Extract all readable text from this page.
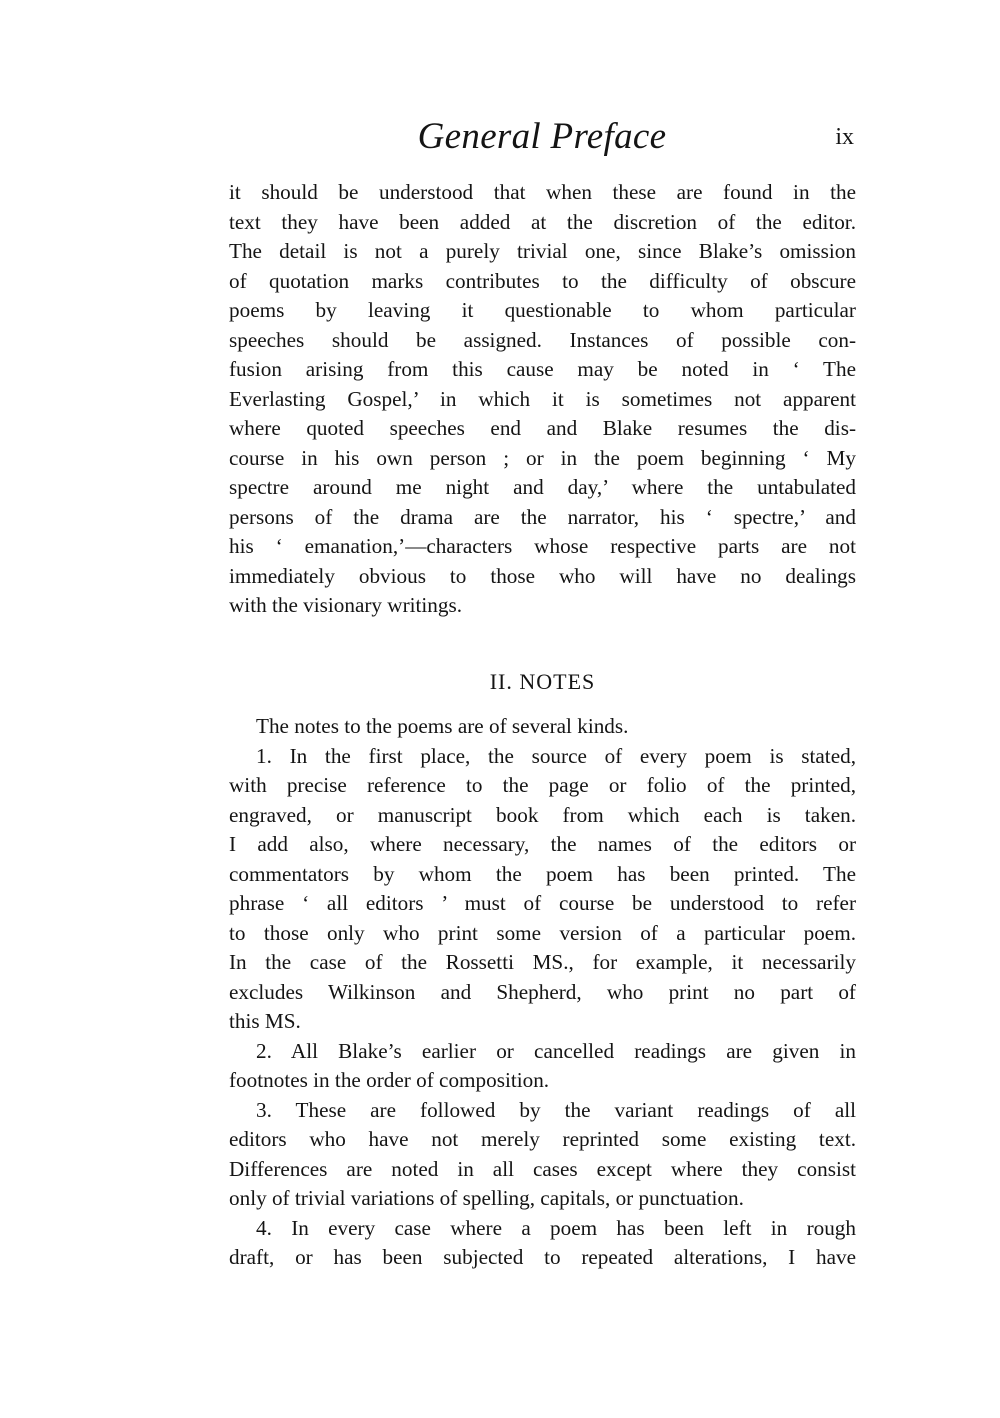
General Preface	ix

it should be understood that when these are found in the
text they have been added at the discretion of the editor.
The detail is not a purely trivial one, since Blake’s omission
of quotation marks contributes to the difficulty of obscure
poems by leaving it questionable to whom particular
speeches should be assigned. Instances of possible con-
fusion arising from this cause may be noted in ‘ The
Everlasting Gospel,’ in which it is sometimes not apparent
where quoted speeches end and Blake resumes the dis-
course in his own person ; or in the poem beginning ‘ My
spectre around me night and day,’ where the untabulated
persons of the drama are the narrator, his ‘ spectre,’ and
his ‘ emanation,’—characters whose respective parts are not
immediately obvious to those who will have no dealings
with the visionary writings.

II. NOTES

The notes to the poems are of several kinds.

1. In the first place, the source of every poem is stated,
with precise reference to the page or folio of the printed,
engraved, or manuscript book from which each is taken.
I add also, where necessary, the names of the editors or
commentators by whom the poem has been printed. The
phrase ‘ all editors ’ must of course be understood to refer
to those only who print some version of a particular poem.
In the case of the Rossetti MS., for example, it necessarily
excludes Wilkinson and Shepherd, who print no part of
this MS.

2. All Blake’s earlier or cancelled readings are given in
footnotes in the order of composition.

3. These are followed by the variant readings of all
editors who have not merely reprinted some existing text.
Differences are noted in all cases except where they consist
only of trivial variations of spelling, capitals, or punctuation.

4. In every case where a poem has been left in rough
draft, or has been subjected to repeated alterations, I have
